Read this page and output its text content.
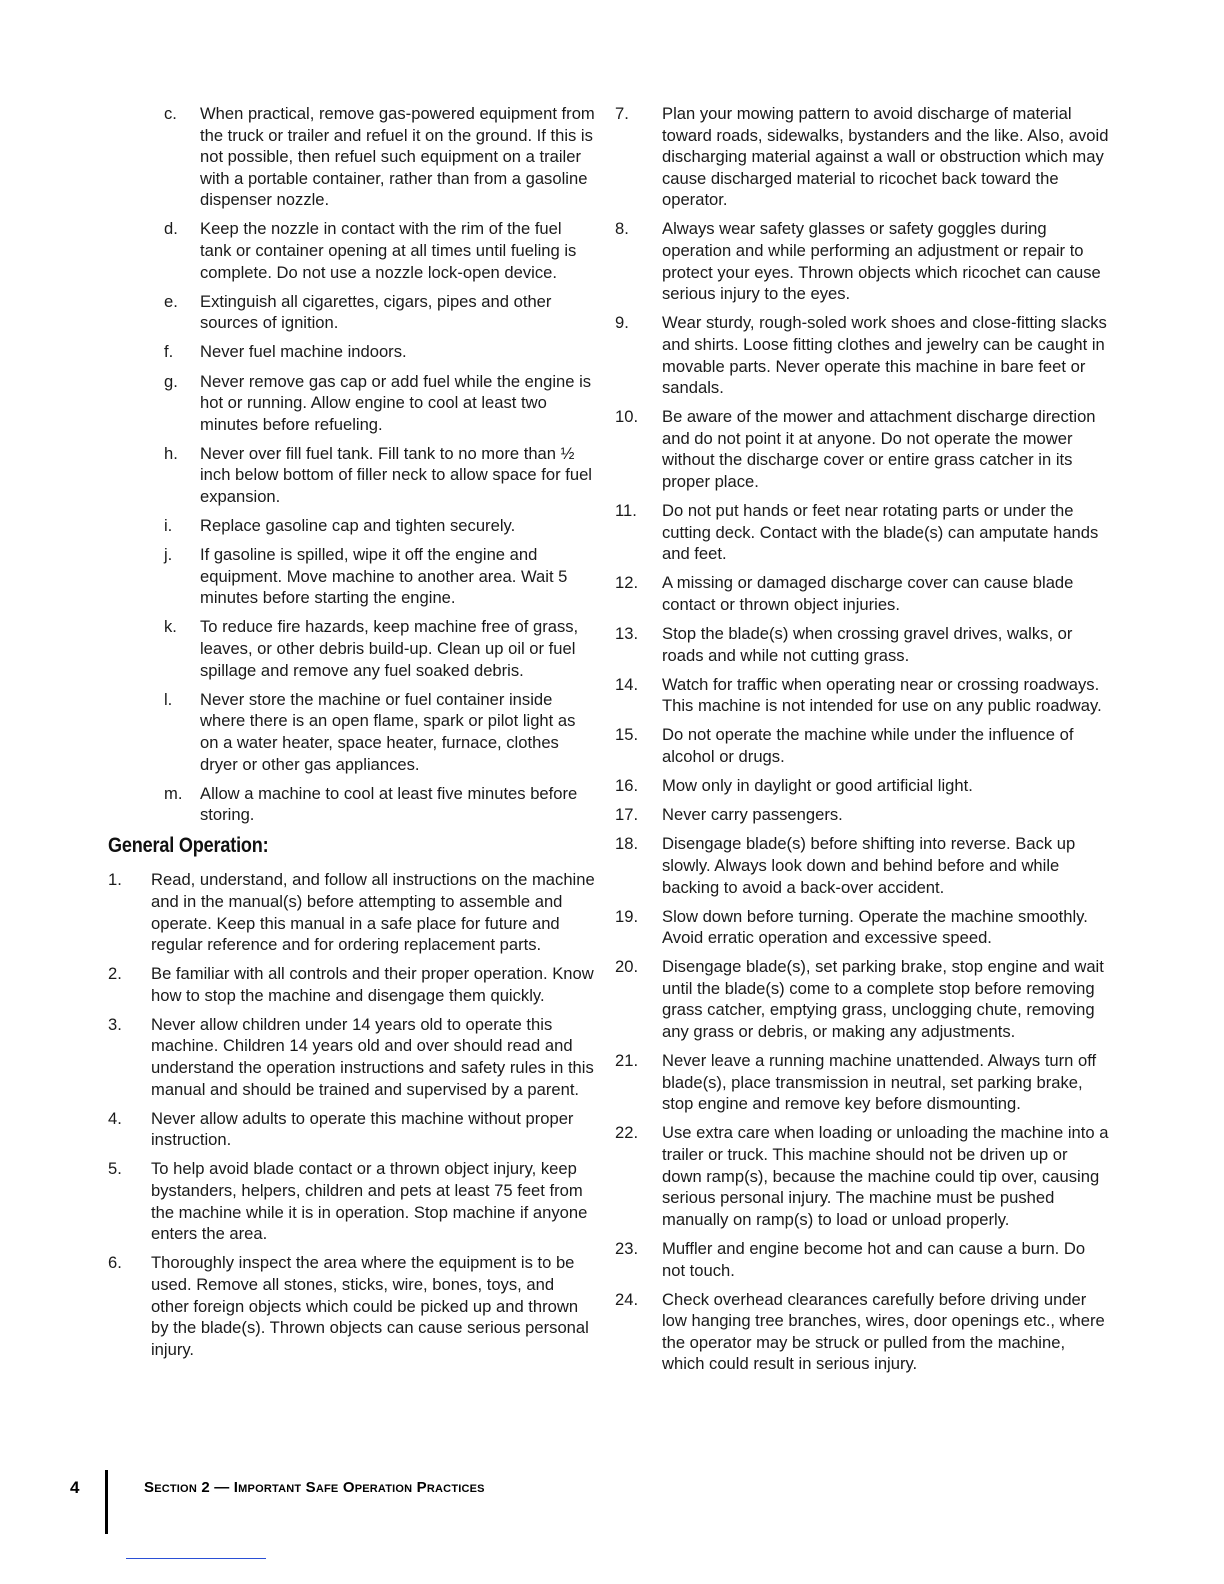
c. When practical, remove gas-powered equipment from the truck or trailer and refuel it on the ground. If this is not possible, then refuel such equipment on a trailer with a portable container, rather than from a gasoline dispenser nozzle.
d. Keep the nozzle in contact with the rim of the fuel tank or container opening at all times until fueling is complete. Do not use a nozzle lock-open device.
e. Extinguish all cigarettes, cigars, pipes and other sources of ignition.
f. Never fuel machine indoors.
g. Never remove gas cap or add fuel while the engine is hot or running. Allow engine to cool at least two minutes before refueling.
h. Never over fill fuel tank. Fill tank to no more than ½ inch below bottom of filler neck to allow space for fuel expansion.
i. Replace gasoline cap and tighten securely.
j. If gasoline is spilled, wipe it off the engine and equipment. Move machine to another area. Wait 5 minutes before starting the engine.
k. To reduce fire hazards, keep machine free of grass, leaves, or other debris build-up. Clean up oil or fuel spillage and remove any fuel soaked debris.
l. Never store the machine or fuel container inside where there is an open flame, spark or pilot light as on a water heater, space heater, furnace, clothes dryer or other gas appliances.
m. Allow a machine to cool at least five minutes before storing.
General Operation:
1. Read, understand, and follow all instructions on the machine and in the manual(s) before attempting to assemble and operate. Keep this manual in a safe place for future and regular reference and for ordering replacement parts.
2. Be familiar with all controls and their proper operation. Know how to stop the machine and disengage them quickly.
3. Never allow children under 14 years old to operate this machine. Children 14 years old and over should read and understand the operation instructions and safety rules in this manual and should be trained and supervised by a parent.
4. Never allow adults to operate this machine without proper instruction.
5. To help avoid blade contact or a thrown object injury, keep bystanders, helpers, children and pets at least 75 feet from the machine while it is in operation. Stop machine if anyone enters the area.
6. Thoroughly inspect the area where the equipment is to be used. Remove all stones, sticks, wire, bones, toys, and other foreign objects which could be picked up and thrown by the blade(s). Thrown objects can cause serious personal injury.
7. Plan your mowing pattern to avoid discharge of material toward roads, sidewalks, bystanders and the like. Also, avoid discharging material against a wall or obstruction which may cause discharged material to ricochet back toward the operator.
8. Always wear safety glasses or safety goggles during operation and while performing an adjustment or repair to protect your eyes. Thrown objects which ricochet can cause serious injury to the eyes.
9. Wear sturdy, rough-soled work shoes and close-fitting slacks and shirts. Loose fitting clothes and jewelry can be caught in movable parts. Never operate this machine in bare feet or sandals.
10. Be aware of the mower and attachment discharge direction and do not point it at anyone. Do not operate the mower without the discharge cover or entire grass catcher in its proper place.
11. Do not put hands or feet near rotating parts or under the cutting deck. Contact with the blade(s) can amputate hands and feet.
12. A missing or damaged discharge cover can cause blade contact or thrown object injuries.
13. Stop the blade(s) when crossing gravel drives, walks, or roads and while not cutting grass.
14. Watch for traffic when operating near or crossing roadways. This machine is not intended for use on any public roadway.
15. Do not operate the machine while under the influence of alcohol or drugs.
16. Mow only in daylight or good artificial light.
17. Never carry passengers.
18. Disengage blade(s) before shifting into reverse. Back up slowly. Always look down and behind before and while backing to avoid a back-over accident.
19. Slow down before turning. Operate the machine smoothly. Avoid erratic operation and excessive speed.
20. Disengage blade(s), set parking brake, stop engine and wait until the blade(s) come to a complete stop before removing grass catcher, emptying grass, unclogging chute, removing any grass or debris, or making any adjustments.
21. Never leave a running machine unattended. Always turn off blade(s), place transmission in neutral, set parking brake, stop engine and remove key before dismounting.
22. Use extra care when loading or unloading the machine into a trailer or truck. This machine should not be driven up or down ramp(s), because the machine could tip over, causing serious personal injury. The machine must be pushed manually on ramp(s) to load or unload properly.
23. Muffler and engine become hot and can cause a burn. Do not touch.
24. Check overhead clearances carefully before driving under low hanging tree branches, wires, door openings etc., where the operator may be struck or pulled from the machine, which could result in serious injury.
4	Section 2 — Important Safe Operation Practices
